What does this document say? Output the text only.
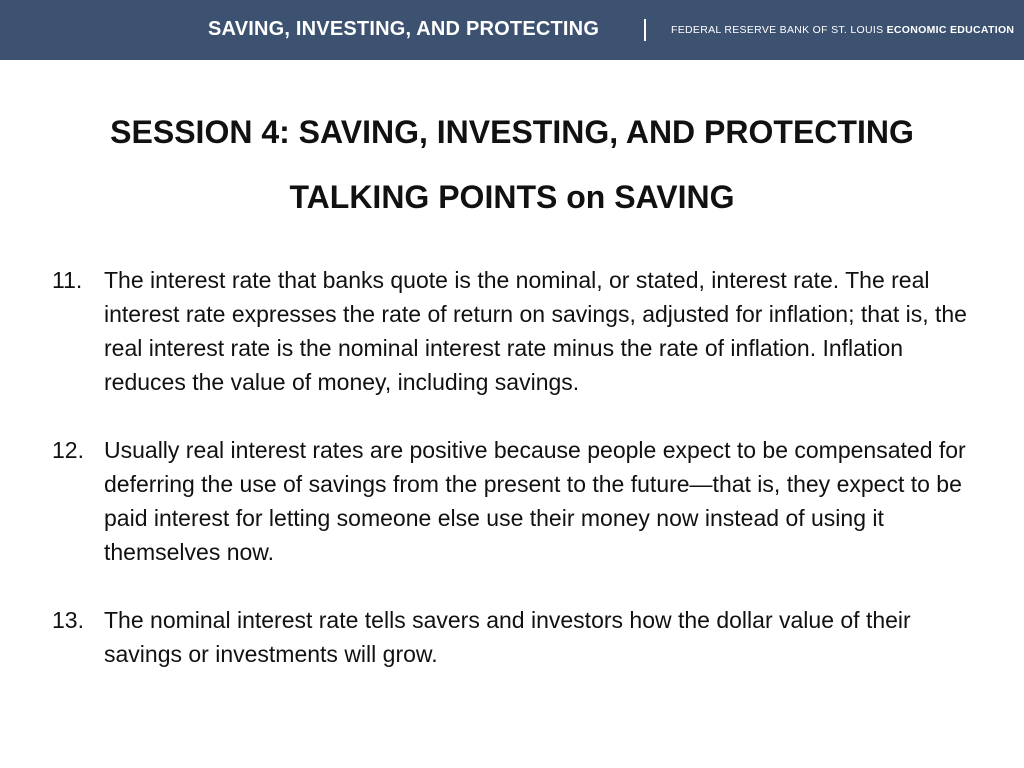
SAVING, INVESTING, AND PROTECTING	FEDERAL RESERVE BANK OF ST. LOUIS ECONOMIC EDUCATION
SESSION 4: SAVING, INVESTING, AND PROTECTING
TALKING POINTS on SAVING
11. The interest rate that banks quote is the nominal, or stated, interest rate. The real interest rate expresses the rate of return on savings, adjusted for inflation; that is, the real interest rate is the nominal interest rate minus the rate of inflation. Inflation reduces the value of money, including savings.
12. Usually real interest rates are positive because people expect to be compensated for deferring the use of savings from the present to the future—that is, they expect to be paid interest for letting someone else use their money now instead of using it themselves now.
13. The nominal interest rate tells savers and investors how the dollar value of their savings or investments will grow.
